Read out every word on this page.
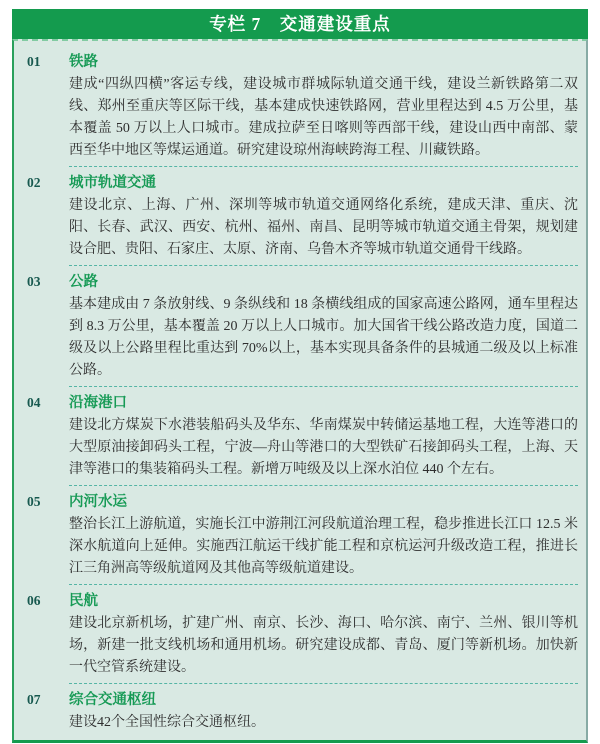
专栏 7　交通建设重点
01	铁路
建成“四纵四横”客运专线，建设城市群城际轨道交通干线，建设兰新铁路第二双线、郑州至重庆等区际干线，基本建成快速铁路网，营业里程达到 4.5 万公里，基本覆盖 50 万以上人口城市。建成拉萨至日喀则等西部干线，建设山西中南部、蒙西至华中地区等煤运通道。研究建设琼州海峡跨海工程、川藏铁路。
02	城市轨道交通
建设北京、上海、广州、深圳等城市轨道交通网络化系统，建成天津、重庆、沈阳、长春、武汉、西安、杭州、福州、南昌、昆明等城市轨道交通主骨架，规划建设合肥、贵阳、石家庄、太原、济南、乌鲁木齐等城市轨道交通骨干线路。
03	公路
基本建成由 7 条放射线、9 条纵线和 18 条横线组成的国家高速公路网，通车里程达到 8.3 万公里，基本覆盖 20 万以上人口城市。加大国省干线公路改造力度，国道二级及以上公路里程比重达到 70%以上，基本实现具备条件的县城通二级及以上标准公路。
04	沿海港口
建设北方煤炭下水港装船码头及华东、华南煤炭中转储运基地工程，大连等港口的大型原油接卸码头工程，宁波—舟山等港口的大型铁矿石接卸码头工程，上海、天津等港口的集装箱码头工程。新增万吨级及以上深水泊位 440 个左右。
05	内河水运
整治长江上游航道，实施长江中游荆江河段航道治理工程，稳步推进长江口 12.5 米深水航道向上延伸。实施西江航运干线扩能工程和京杭运河升级改造工程，推进长江三角洲高等级航道网及其他高等级航道建设。
06	民航
建设北京新机场，扩建广州、南京、长沙、海口、哈尔滨、南宁、兰州、银川等机场，新建一批支线机场和通用机场。研究建设成都、青岛、厦门等新机场。加快新一代空管系统建设。
07	综合交通枢纽
建设42个全国性综合交通枢纽。
